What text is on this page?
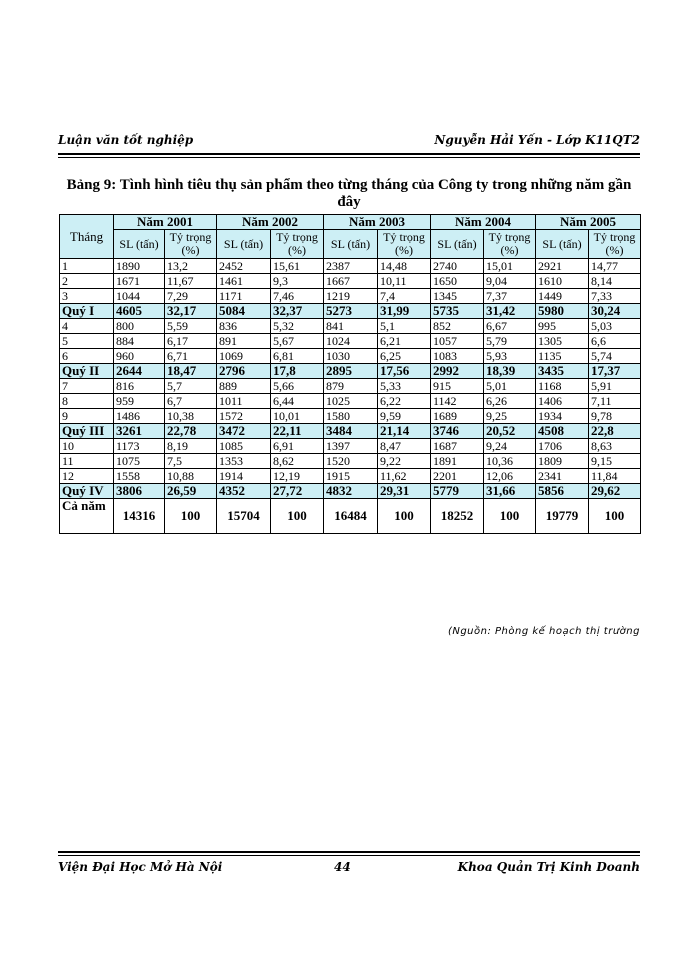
Luận văn tốt nghiệp	Nguyễn Hải Yến - Lớp K11QT2
Bảng 9: Tình hình tiêu thụ sản phẩm theo từng tháng của Công ty trong những năm gần đây
Tháng	Năm 2001		Năm 2002		Năm 2003		Năm 2004		Năm 2005	
	SL (tấn)	Tỷ trọng (%)	SL (tấn)	Tỷ trọng (%)	SL (tấn)	Tỷ trọng (%)	SL (tấn)	Tỷ trọng (%)	SL (tấn)	Tỷ trọng (%)
1	1890	13,2	2452	15,61	2387	14,48	2740	15,01	2921	14,77
2	1671	11,67	1461	9,3	1667	10,11	1650	9,04	1610	8,14
3	1044	7,29	1171	7,46	1219	7,4	1345	7,37	1449	7,33
Quý I	4605	32,17	5084	32,37	5273	31,99	5735	31,42	5980	30,24
4	800	5,59	836	5,32	841	5,1	852	6,67	995	5,03
5	884	6,17	891	5,67	1024	6,21	1057	5,79	1305	6,6
6	960	6,71	1069	6,81	1030	6,25	1083	5,93	1135	5,74
Quý II	2644	18,47	2796	17,8	2895	17,56	2992	18,39	3435	17,37
7	816	5,7	889	5,66	879	5,33	915	5,01	1168	5,91
8	959	6,7	1011	6,44	1025	6,22	1142	6,26	1406	7,11
9	1486	10,38	1572	10,01	1580	9,59	1689	9,25	1934	9,78
Quý III	3261	22,78	3472	22,11	3484	21,14	3746	20,52	4508	22,8
10	1173	8,19	1085	6,91	1397	8,47	1687	9,24	1706	8,63
11	1075	7,5	1353	8,62	1520	9,22	1891	10,36	1809	9,15
12	1558	10,88	1914	12,19	1915	11,62	2201	12,06	2341	11,84
Quý IV	3806	26,59	4352	27,72	4832	29,31	5779	31,66	5856	29,62
Cả năm	14316	100	15704	100	16484	100	18252	100	19779	100
(Nguồn: Phòng kế hoạch thị trường
Viện Đại Học Mở Hà Nội	44	Khoa Quản Trị Kinh Doanh
